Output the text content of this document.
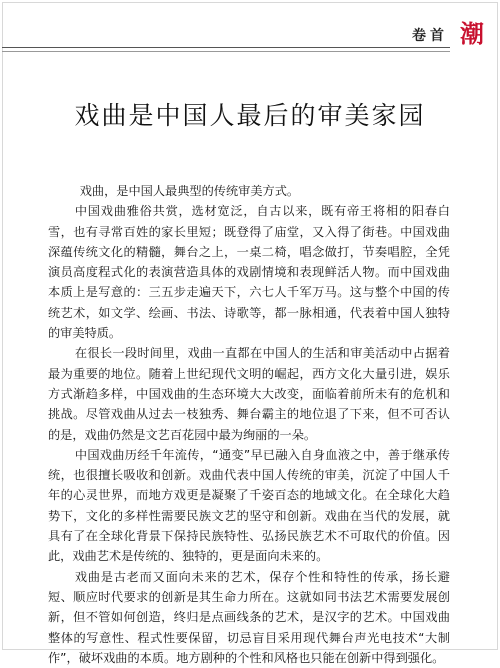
卷首 潮
戏曲是中国人最后的审美家园

戏曲，是中国人最典型的传统审美方式。

中国戏曲雅俗共赏，选材宽泛，自古以来，既有帝王将相的阳春白雪，也有寻常百姓的家长里短；既登得了庙堂，又入得了街巷。中国戏曲深蕴传统文化的精髓，舞台之上，一桌二椅，唱念做打，节奏唱腔，全凭演员高度程式化的表演营造具体的戏剧情境和表现鲜活人物。而中国戏曲本质上是写意的：三五步走遍天下，六七人千军万马。这与整个中国的传统艺术，如文学、绘画、书法、诗歌等，都一脉相通，代表着中国人独特的审美特质。

在很长一段时间里，戏曲一直都在中国人的生活和审美活动中占据着最为重要的地位。随着上世纪现代文明的崛起，西方文化大量引进，娱乐方式渐趋多样，中国戏曲的生态环境大大改变，面临着前所未有的危机和挑战。尽管戏曲从过去一枝独秀、舞台霸主的地位退了下来，但不可否认的是，戏曲仍然是文艺百花园中最为绚丽的一朵。

中国戏曲历经千年流传，“通变”早已融入自身血液之中，善于继承传统，也很擅长吸收和创新。戏曲代表中国人传统的审美，沉淀了中国人千年的心灵世界，而地方戏更是凝聚了千姿百态的地域文化。在全球化大趋势下，文化的多样性需要民族文艺的坚守和创新。戏曲在当代的发展，就具有了在全球化背景下保持民族特性、弘扬民族艺术不可取代的价值。因此，戏曲艺术是传统的、独特的，更是面向未来的。

戏曲是古老而又面向未来的艺术，保存个性和特性的传承，扬长避短、顺应时代要求的创新是其生命力所在。这就如同书法艺术需要发展创新，但不管如何创造，终归是点画线条的艺术，是汉字的艺术。中国戏曲整体的写意性、程式性要保留，切忌盲目采用现代舞台声光电技术“大制作”，破坏戏曲的本质。地方剧种的个性和风格也只能在创新中得到强化。
